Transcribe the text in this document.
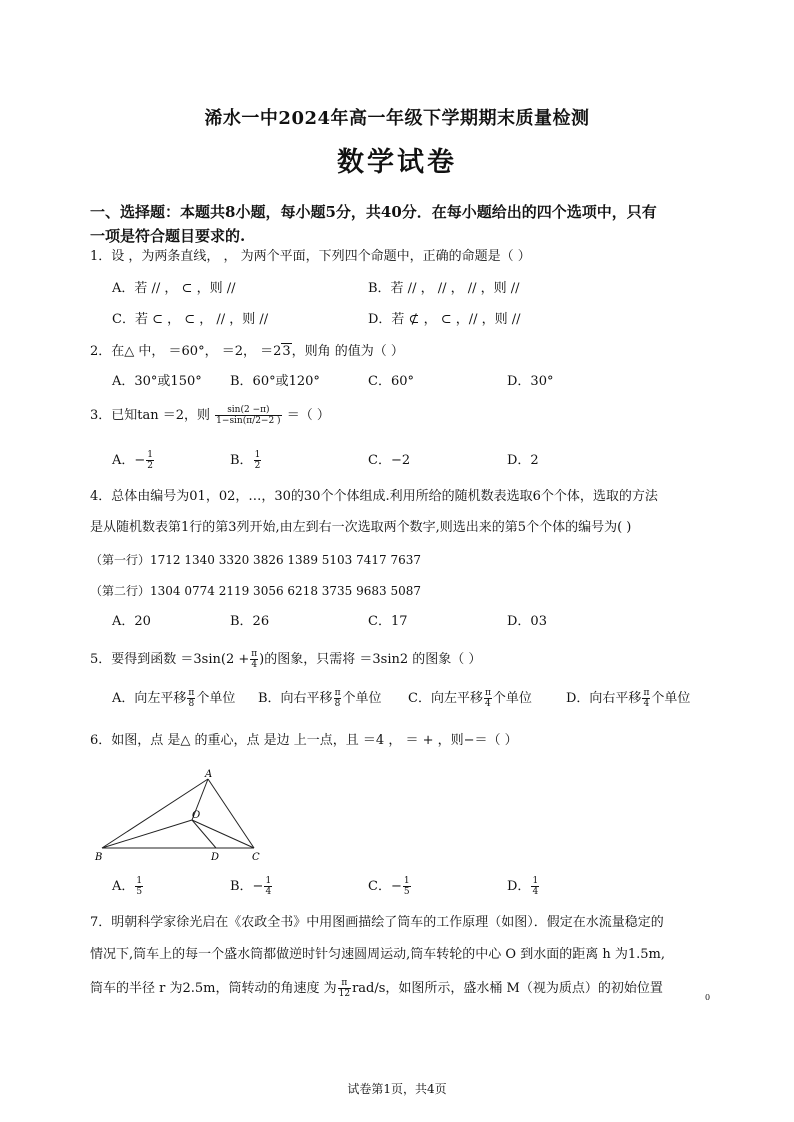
浠水一中2024年高一年级下学期期末质量检测
数学试卷
一、选择题：本题共8小题，每小题5分，共40分．在每小题给出的四个选项中，只有
一项是符合题目要求的.
1．设 ，为两条直线， ， 为两个平面，下列四个命题中，正确的命题是（ ）
A．若 // ， ⊂ ，则 //	B．若 // ， // ， // ，则 //
C．若 ⊂ ， ⊂ ， // ，则 //	D．若 ⊄ ， ⊂ ，// ，则 //
2．在△ 中， ＝60°， ＝2， ＝23，则角 的值为（ ）
A．30°或150° B．60°或120°	C．60°	D．30°
3．已知tan ＝2，则 $\frac{\sin(2 -\pi)}{1-\sin(\pi/2-2 )}$ ＝（ ）
A．− $\frac{1}{2}$	B． $\frac{1}{2}$	C．−2	D．2
4．总体由编号为01，02，…，30的30个个体组成.利用所给的随机数表选取6个个体，选取的方法
是从随机数表第1行的第3列开始,由左到右一次选取两个数字,则选出来的第5个个体的编号为( )
（第一行）1712 1340 3320 3826 1389 5103 7417 7637
（第二行）1304 0774 2119 3056 6218 3735 9683 5087
A．20	B．26	C．17	D．03
5．要得到函数 $=3\sin(2 + \frac{\pi}{4}$ )的图象，只需将 ＝3sin2 的图象（ ）
A．向左平移 $\frac{\pi}{8}$ 个单位 B．向右平移 $\frac{\pi}{8}$ 个单位 C．向左平移 $\frac{\pi}{4}$ 个单位	D．向右平移 $\frac{\pi}{4}$ 个单位
6．如图，点 是△ 的重心，点 是边 上一点，且 ＝4 ， ＝ + ，则−＝（ ）
A
O
B	D	C
A． $\frac{1}{5}$	B．− $\frac{1}{4}$	C．− $\frac{1}{5}$	D． $\frac{1}{4}$
7．明朝科学家徐光启在《农政全书》中用图画描绘了筒车的工作原理（如图）．假定在水流量稳定的
情况下,筒车上的每一个盛水筒都做逆时针匀速圆周运动,筒车转轮的中心 O 到水面的距离 h 为1.5m,
筒车的半径 r 为2.5m，筒转动的角速度 为 $\frac{\pi}{12} rad/s$，如图所示，盛水桶 M（视为质点）的初始位置
0
试卷第1页，共4页
